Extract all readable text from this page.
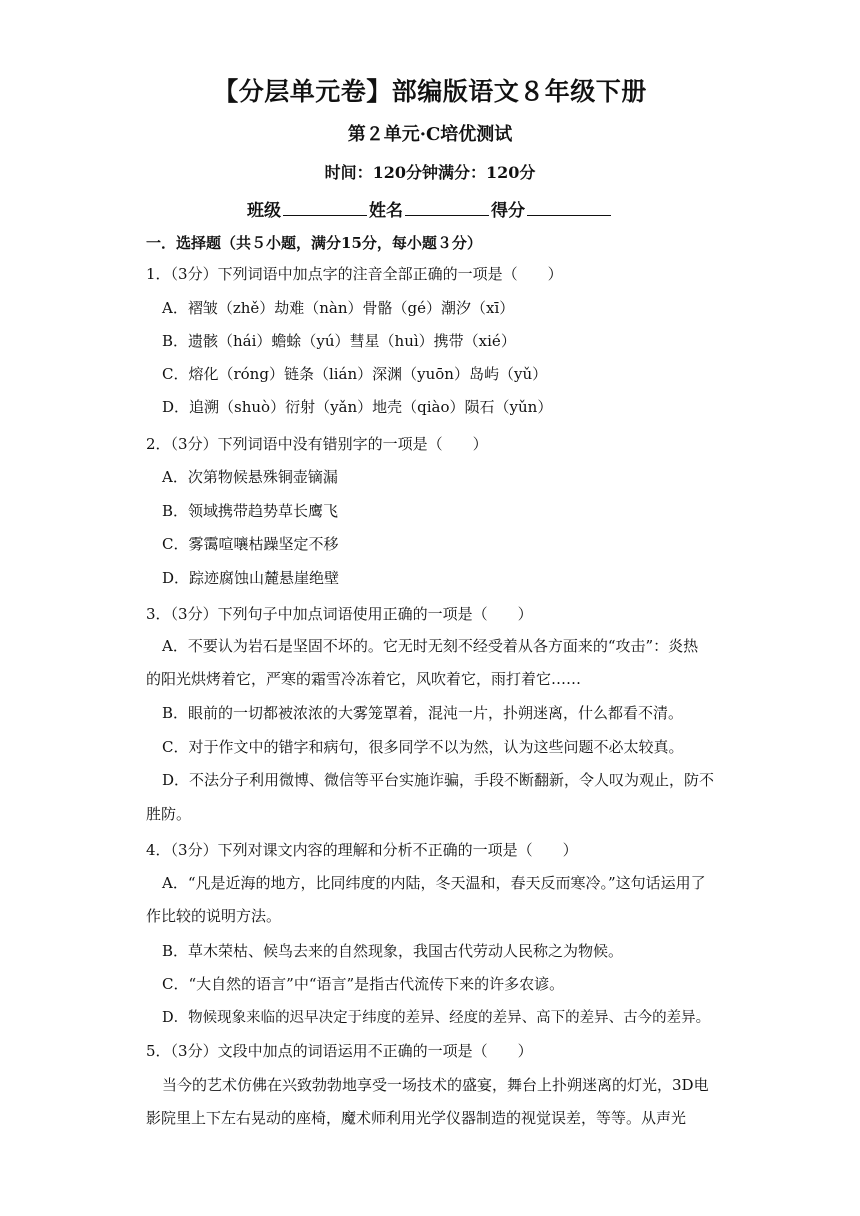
【分层单元卷】部编版语文８年级下册
第２单元·C培优测试
时间：120分钟满分：120分
班级	姓名	得分
一．选择题（共５小题，满分15分，每小题３分）
1．（3分）下列词语中加点字的注音全部正确的一项是（　　）
A．褶皱（zhě）劫难（nàn）骨骼（gé）潮汐（xī）
B．遗骸（hái）蟾蜍（yú）彗星（huì）携带（xié）
C．熔化（róng）链条（lián）深渊（yuōn）岛屿（yǔ）
D．追溯（shuò）衍射（yǎn）地壳（qiào）陨石（yǔn）
2．（3分）下列词语中没有错别字的一项是（　　）
A．次第物候悬殊铜壶镝漏
B．领域携带趋势草长鹰飞
C．雾霭喧嚷枯躁坚定不移
D．踪迹腐蚀山麓悬崖绝壁
3．（3分）下列句子中加点词语使用正确的一项是（　　）
A．不要认为岩石是坚固不坏的。它无时无刻不经受着从各方面来的“攻击”：炎热
的阳光烘烤着它，严寒的霜雪冷冻着它，风吹着它，雨打着它……
B．眼前的一切都被浓浓的大雾笼罩着，混沌一片，扑朔迷离，什么都看不清。
C．对于作文中的错字和病句，很多同学不以为然，认为这些问题不必太较真。
D．不法分子利用微博、微信等平台实施诈骗，手段不断翻新，令人叹为观止，防不
胜防。
4．（3分）下列对课文内容的理解和分析不正确的一项是（　　）
A．“凡是近海的地方，比同纬度的内陆，冬天温和，春天反而寒冷。”这句话运用了
作比较的说明方法。
B．草木荣枯、候鸟去来的自然现象，我国古代劳动人民称之为物候。
C．“大自然的语言”中“语言”是指古代流传下来的许多农谚。
D．物候现象来临的迟早决定于纬度的差异、经度的差异、高下的差异、古今的差异。
5．（3分）文段中加点的词语运用不正确的一项是（　　）
当今的艺术仿佛在兴致勃勃地享受一场技术的盛宴，舞台上扑朔迷离的灯光，3D电
影院里上下左右晃动的座椅，魔术师利用光学仪器制造的视觉误差，等等。从声光
